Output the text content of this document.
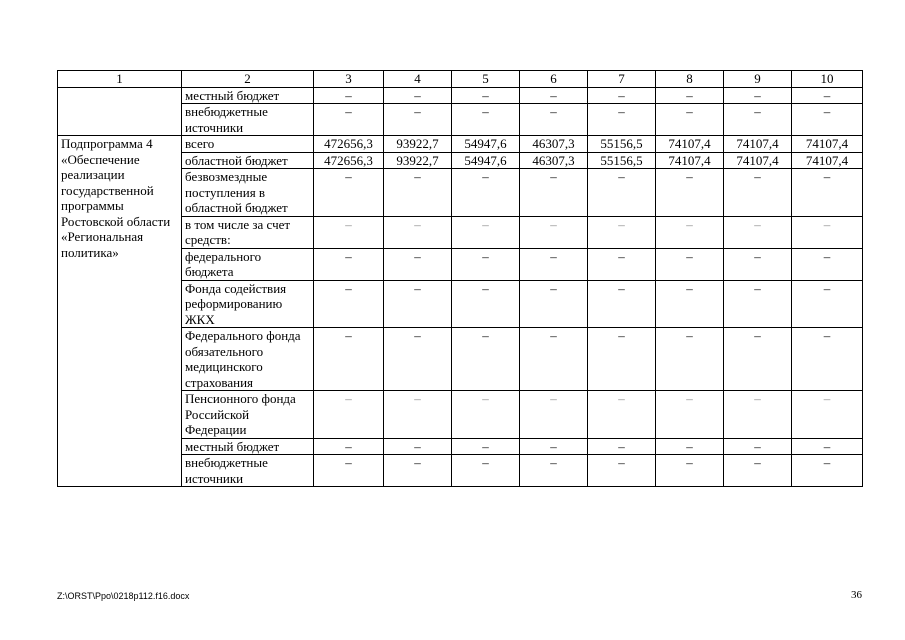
1	2	3	4	5	6	7	8	9	10
	местный бюджет	–	–	–	–	–	–	–	–
	внебюджетные источники	–	–	–	–	–	–	–	–
Подпрограмма 4 «Обеспечение реализации государственной программы Ростовской области «Региональная политика»	всего	472656,3	93922,7	54947,6	46307,3	55156,5	74107,4	74107,4	74107,4
	областной бюджет	472656,3	93922,7	54947,6	46307,3	55156,5	74107,4	74107,4	74107,4
	безвозмездные поступления в областной бюджет	–	–	–	–	–	–	–	–
	в том числе за счет средств:	–	–	–	–	–	–	–	–
	федерального бюджета	–	–	–	–	–	–	–	–
	Фонда содействия реформированию ЖКХ	–	–	–	–	–	–	–	–
	Федерального фонда обязательного медицинского страхования	–	–	–	–	–	–	–	–
	Пенсионного фонда Российской Федерации	–	–	–	–	–	–	–	–
	местный бюджет	–	–	–	–	–	–	–	–
	внебюджетные источники	–	–	–	–	–	–	–	–
Z:\ORST\Ppo\0218p112.f16.docx	36
